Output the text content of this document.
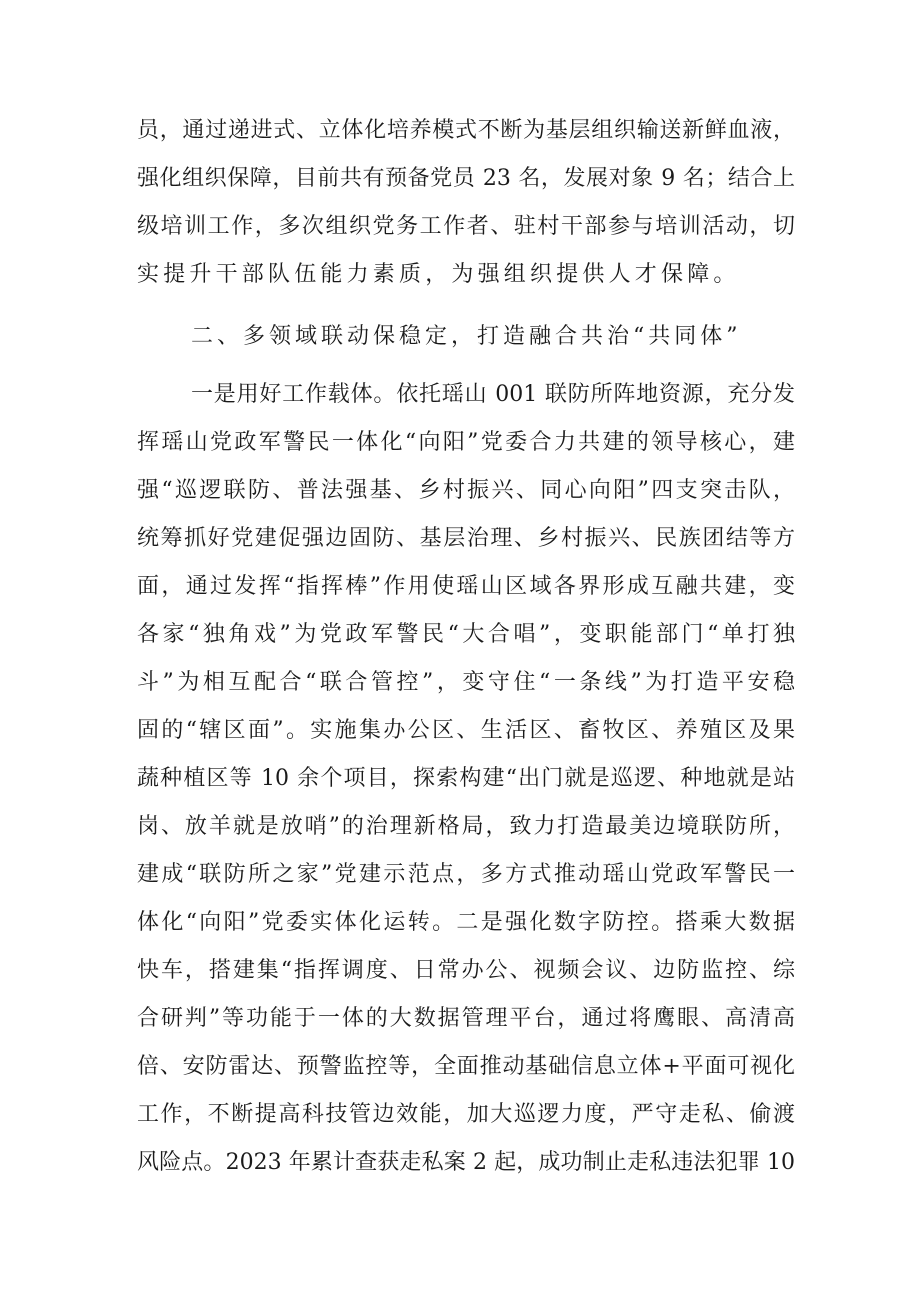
员，通过递进式、立体化培养模式不断为基层组织输送新鲜血液，
强化组织保障，目前共有预备党员 23 名，发展对象 9 名；结合上
级培训工作，多次组织党务工作者、驻村干部参与培训活动，切
实提升干部队伍能力素质，为强组织提供人才保障。
二、多领域联动保稳定，打造融合共治“共同体”
一是用好工作载体。依托瑶山 001 联防所阵地资源，充分发
挥瑶山党政军警民一体化“向阳”党委合力共建的领导核心，建
强“巡逻联防、普法强基、乡村振兴、同心向阳”四支突击队，
统筹抓好党建促强边固防、基层治理、乡村振兴、民族团结等方
面，通过发挥“指挥棒”作用使瑶山区域各界形成互融共建，变
各家“独角戏”为党政军警民“大合唱”，变职能部门“单打独
斗”为相互配合“联合管控”，变守住“一条线”为打造平安稳
固的“辖区面”。实施集办公区、生活区、畜牧区、养殖区及果
蔬种植区等 10 余个项目，探索构建“出门就是巡逻、种地就是站
岗、放羊就是放哨”的治理新格局，致力打造最美边境联防所，
建成“联防所之家”党建示范点，多方式推动瑶山党政军警民一
体化“向阳”党委实体化运转。二是强化数字防控。搭乘大数据
快车，搭建集“指挥调度、日常办公、视频会议、边防监控、综
合研判”等功能于一体的大数据管理平台，通过将鹰眼、高清高
倍、安防雷达、预警监控等，全面推动基础信息立体+平面可视化
工作，不断提高科技管边效能，加大巡逻力度，严守走私、偷渡
风险点。2023 年累计查获走私案 2 起，成功制止走私违法犯罪 10
